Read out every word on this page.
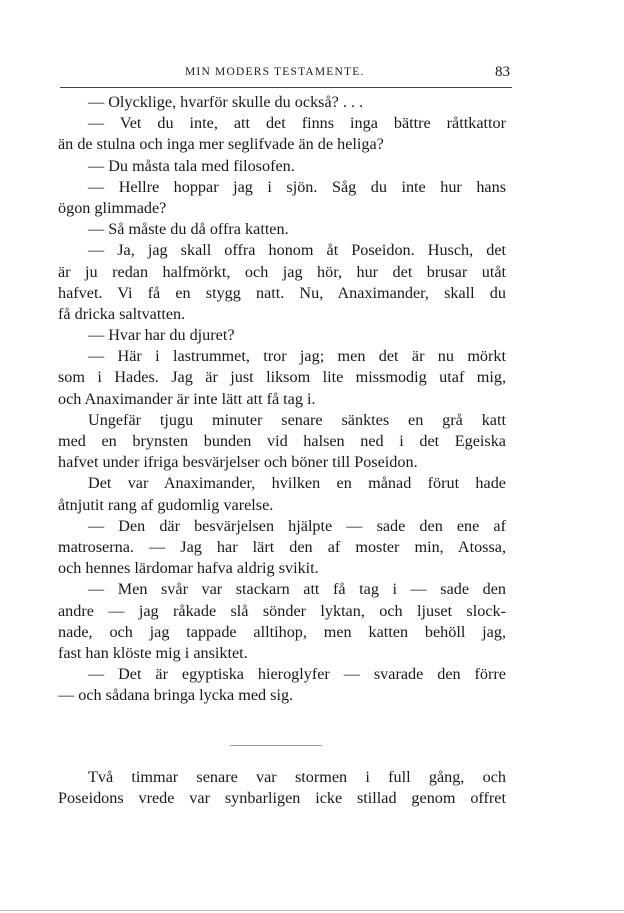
MIN MODERS TESTAMENTE.	83
— Olycklige, hvarför skulle du också? . . .
— Vet du inte, att det finns inga bättre råttkattor
än de stulna och inga mer seglifvade än de heliga?
— Du måsta tala med filosofen.
— Hellre hoppar jag i sjön. Såg du inte hur hans
ögon glimmade?
— Så måste du då offra katten.
— Ja, jag skall offra honom åt Poseidon. Husch, det
är ju redan halfmörkt, och jag hör, hur det brusar utåt
hafvet. Vi få en stygg natt. Nu, Anaximander, skall du
få dricka saltvatten.
— Hvar har du djuret?
— Här i lastrummet, tror jag; men det är nu mörkt
som i Hades. Jag är just liksom lite missmodig utaf mig,
och Anaximander är inte lätt att få tag i.
Ungefär tjugu minuter senare sänktes en grå katt
med en brynsten bunden vid halsen ned i det Egeiska
hafvet under ifriga besvärjelser och böner till Poseidon.
Det var Anaximander, hvilken en månad förut hade
åtnjutit rang af gudomlig varelse.
— Den där besvärjelsen hjälpte — sade den ene af
matroserna. — Jag har lärt den af moster min, Atossa,
och hennes lärdomar hafva aldrig svikit.
— Men svår var stackarn att få tag i — sade den
andre — jag råkade slå sönder lyktan, och ljuset slock-
nade, och jag tappade alltihop, men katten behöll jag,
fast han klöste mig i ansiktet.
— Det är egyptiska hieroglyfer — svarade den förre
— och sådana bringa lycka med sig.
Två timmar senare var stormen i full gång, och
Poseidons vrede var synbarligen icke stillad genom offret
